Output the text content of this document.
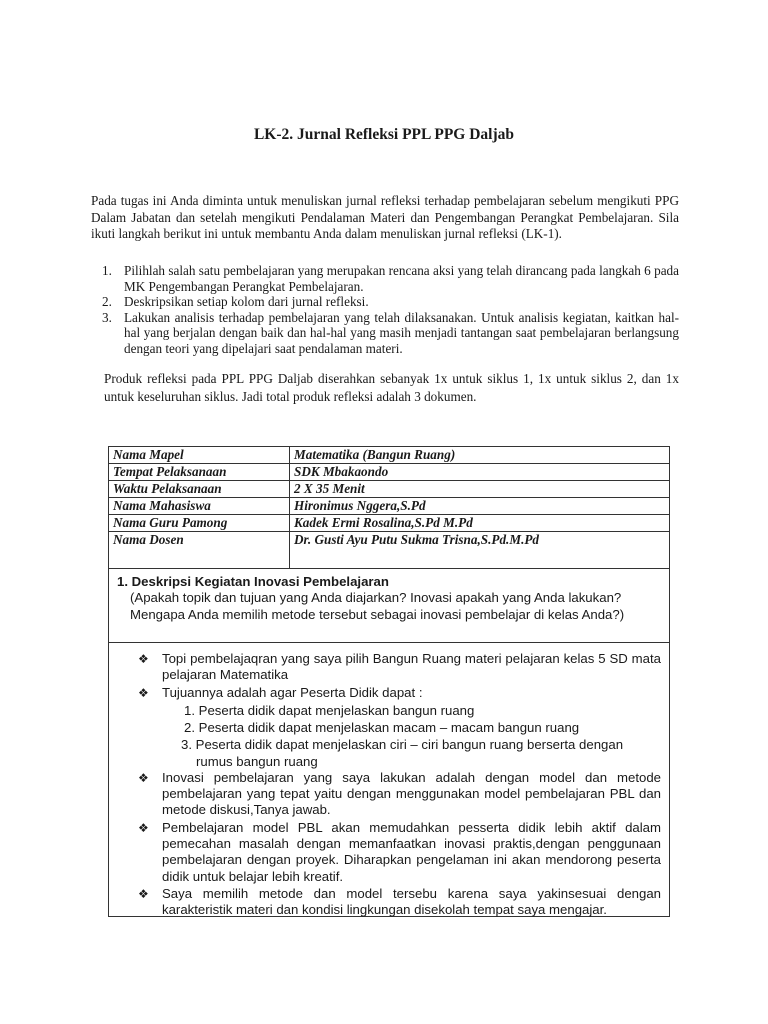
LK-2. Jurnal Refleksi PPL PPG Daljab
Pada tugas ini Anda diminta untuk menuliskan jurnal refleksi terhadap pembelajaran sebelum mengikuti PPG Dalam Jabatan dan setelah mengikuti Pendalaman Materi dan Pengembangan Perangkat Pembelajaran. Sila ikuti langkah berikut ini untuk membantu Anda dalam menuliskan jurnal refleksi (LK-1).

1. Pilihlah salah satu pembelajaran yang merupakan rencana aksi yang telah dirancang pada langkah 6 pada MK Pengembangan Perangkat Pembelajaran.

2. Deskripsikan setiap kolom dari jurnal refleksi.

3. Lakukan analisis terhadap pembelajaran yang telah dilaksanakan. Untuk analisis kegiatan, kaitkan hal-hal yang berjalan dengan baik dan hal-hal yang masih menjadi tantangan saat pembelajaran berlangsung dengan teori yang dipelajari saat pendalaman materi.

Produk refleksi pada PPL PPG Daljab diserahkan sebanyak 1x untuk siklus 1, 1x untuk siklus 2, dan 1x untuk keseluruhan siklus. Jadi total produk refleksi adalah 3 dokumen.
Nama Mapel	Matematika (Bangun Ruang)
Tempat Pelaksanaan	SDK Mbakaondo
Waktu Pelaksanaan	2 X 35 Menit
Nama Mahasiswa	Hironimus Nggera,S.Pd
Nama Guru Pamong	Kadek Ermi Rosalina,S.Pd M.Pd
Nama Dosen	Dr. Gusti Ayu Putu Sukma Trisna,S.Pd.M.Pd
1. Deskripsi Kegiatan Inovasi Pembelajaran
(Apakah topik dan tujuan yang Anda diajarkan? Inovasi apakah yang Anda lakukan? Mengapa Anda memilih metode tersebut sebagai inovasi pembelajar di kelas Anda?)

❖ Topi pembelajaqran yang saya pilih Bangun Ruang materi pelajaran kelas 5 SD mata pelajaran Matematika

❖ Tujuannya adalah agar Peserta Didik dapat :

1. Peserta didik dapat menjelaskan bangun ruang
2. Peserta didik dapat menjelaskan macam – macam bangun ruang
3. Peserta didik dapat menjelaskan ciri – ciri bangun ruang berserta dengan
rumus bangun ruang

❖ Inovasi pembelajaran yang saya lakukan adalah dengan model dan metode pembelajaran yang tepat yaitu dengan menggunakan model pembelajaran PBL dan metode diskusi,Tanya jawab.

❖ Pembelajaran model PBL akan memudahkan pesserta didik lebih aktif dalam pemecahan masalah dengan memanfaatkan inovasi praktis,dengan penggunaan pembelajaran dengan proyek. Diharapkan pengelaman ini akan mendorong peserta didik untuk belajar lebih kreatif.

❖ Saya memilih metode dan model tersebu karena saya yakinsesuai dengan karakteristik materi dan kondisi lingkungan disekolah tempat saya mengajar.
